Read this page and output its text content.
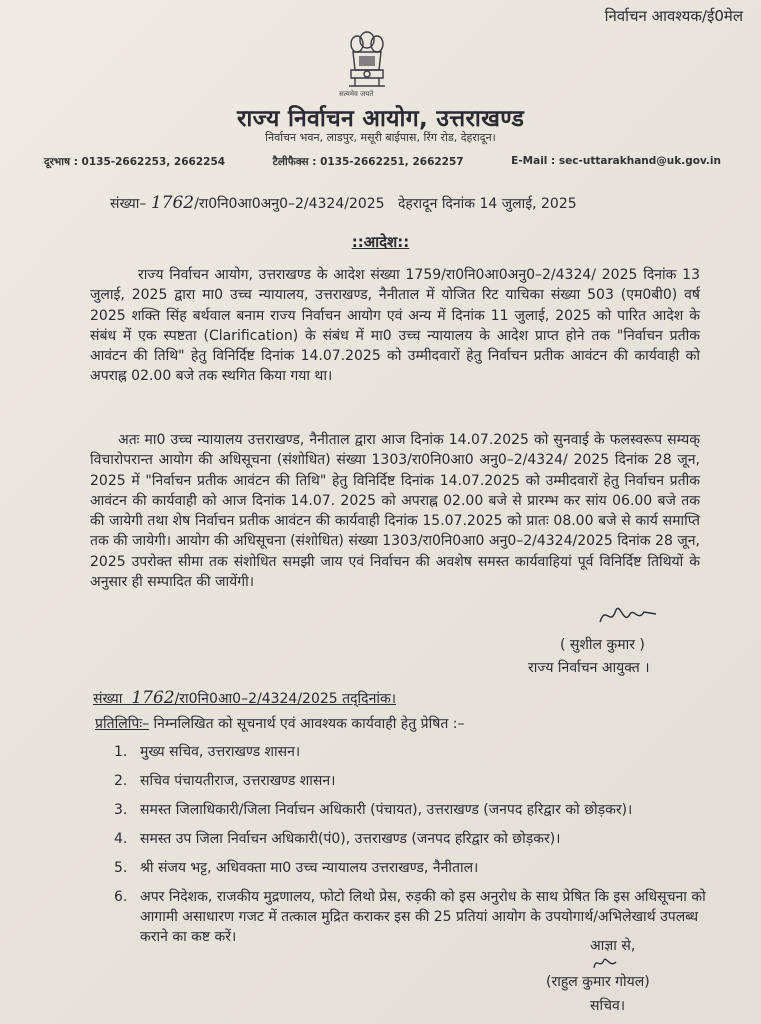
निर्वाचन आवश्यक/ई0मेल
सत्यमेव जयते
राज्य निर्वाचन आयोग, उत्तराखण्ड
निर्वाचन भवन, लाडपुर, मसूरी बाईपास, रिंग रोड, देहरादून।
दूरभाष : 0135-2662253, 2662254	टैलीफैक्स : 0135-2662251, 2662257	E-Mail : sec-uttarakhand@uk.gov.in
संख्या– 1762/रा0नि0आ0अनु0–2/4324/2025 देहरादून दिनांक 14 जुलाई, 2025
::आदेश::
राज्य निर्वाचन आयोग, उत्तराखण्ड के आदेश संख्या 1759/रा0नि0आ0अनु0–2/4324/ 2025 दिनांक 13 जुलाई, 2025 द्वारा मा0 उच्च न्यायालय, उत्तराखण्ड, नैनीताल में योजित रिट याचिका संख्या 503 (एम0बी0) वर्ष 2025 शक्ति सिंह बर्थवाल बनाम राज्य निर्वाचन आयोग एवं अन्य में दिनांक 11 जुलाई, 2025 को पारित आदेश के संबंध में एक स्पष्टता (Clarification) के संबंध में मा0 उच्च न्यायालय के आदेश प्राप्त होने तक "निर्वाचन प्रतीक आवंटन की तिथि" हेतु विनिर्दिष्ट दिनांक 14.07.2025 को उम्मीदवारों हेतु निर्वाचन प्रतीक आवंटन की कार्यवाही को अपराह्न 02.00 बजे तक स्थगित किया गया था।
अतः मा0 उच्च न्यायालय उत्तराखण्ड, नैनीताल द्वारा आज दिनांक 14.07.2025 को सुनवाई के फलस्वरूप सम्यक् विचारोपरान्त आयोग की अधिसूचना (संशोधित) संख्या 1303/रा0नि0आ0 अनु0–2/4324/ 2025 दिनांक 28 जून, 2025 में "निर्वाचन प्रतीक आवंटन की तिथि" हेतु विनिर्दिष्ट दिनांक 14.07.2025 को उम्मीदवारों हेतु निर्वाचन प्रतीक आवंटन की कार्यवाही को आज दिनांक 14.07. 2025 को अपराह्न 02.00 बजे से प्रारम्भ कर सांय 06.00 बजे तक की जायेगी तथा शेष निर्वाचन प्रतीक आवंटन की कार्यवाही दिनांक 15.07.2025 को प्रातः 08.00 बजे से कार्य समाप्ति तक की जायेगी। आयोग की अधिसूचना (संशोधित) संख्या 1303/रा0नि0आ0 अनु0–2/4324/2025 दिनांक 28 जून, 2025 उपरोक्त सीमा तक संशोधित समझी जाय एवं निर्वाचन की अवशेष समस्त कार्यवाहियां पूर्व विनिर्दिष्ट तिथियों के अनुसार ही सम्पादित की जायेंगी।
( सुशील कुमार )
राज्य निर्वाचन आयुक्त ।
संख्या 1762/रा0नि0आ0–2/4324/2025 तद्‌दिनांक।
प्रतिलिपिः– निम्नलिखित को सूचनार्थ एवं आवश्यक कार्यवाही हेतु प्रेषित :–
1. मुख्य सचिव, उत्तराखण्ड शासन।
2. सचिव पंचायतीराज, उत्तराखण्ड शासन।
3. समस्त जिलाधिकारी/जिला निर्वाचन अधिकारी (पंचायत), उत्तराखण्ड (जनपद हरिद्वार को छोड़कर)।
4. समस्त उप जिला निर्वाचन अधिकारी(पं0), उत्तराखण्ड (जनपद हरिद्वार को छोड़कर)।
5. श्री संजय भट्ट, अधिवक्ता मा0 उच्च न्यायालय उत्तराखण्ड, नैनीताल।
6. अपर निदेशक, राजकीय मुद्रणालय, फोटो लिथो प्रेस, रुड़की को इस अनुरोध के साथ प्रेषित कि इस अधिसूचना को आगामी असाधारण गजट में तत्काल मुद्रित कराकर इस की 25 प्रतियां आयोग के उपयोगार्थ/अभिलेखार्थ उपलब्ध कराने का कष्ट करें।
आज्ञा से,
(राहुल कुमार गोयल)
सचिव।
